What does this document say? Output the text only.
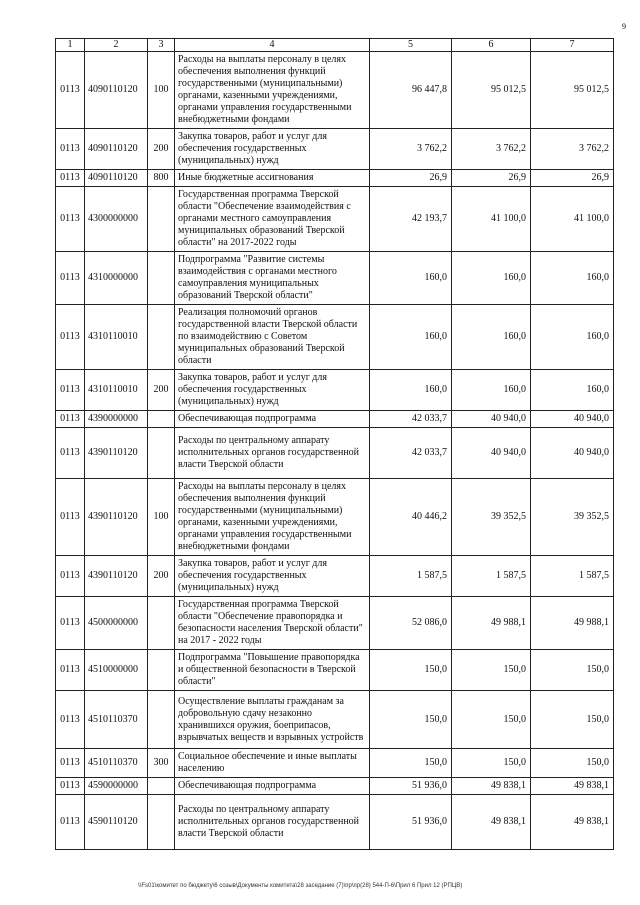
9
1	2	3	4	5	6	7
0113	4090110120	100	Расходы на выплаты персоналу в целях обеспечения выполнения функций государственными (муниципальными) органами, казенными учреждениями, органами управления государственными внебюджетными фондами	96 447,8	95 012,5	95 012,5
0113	4090110120	200	Закупка товаров, работ и услуг для обеспечения государственных (муниципальных) нужд	3 762,2	3 762,2	3 762,2
0113	4090110120	800	Иные бюджетные ассигнования	26,9	26,9	26,9
0113	4300000000		Государственная программа Тверской области "Обеспечение взаимодействия с органами местного самоуправления муниципальных образований Тверской области" на 2017-2022 годы	42 193,7	41 100,0	41 100,0
0113	4310000000		Подпрограмма "Развитие системы взаимодействия с органами местного самоуправления муниципальных образований Тверской области"	160,0	160,0	160,0
0113	4310110010		Реализация полномочий органов государственной власти Тверской области по взаимодействию с Советом муниципальных образований Тверской области	160,0	160,0	160,0
0113	4310110010	200	Закупка товаров, работ и услуг для обеспечения государственных (муниципальных) нужд	160,0	160,0	160,0
0113	4390000000		Обеспечивающая подпрограмма	42 033,7	40 940,0	40 940,0
0113	4390110120		Расходы по центральному аппарату исполнительных органов государственной власти Тверской области	42 033,7	40 940,0	40 940,0
0113	4390110120	100	Расходы на выплаты персоналу в целях обеспечения выполнения функций государственными (муниципальными) органами, казенными учреждениями, органами управления государственными внебюджетными фондами	40 446,2	39 352,5	39 352,5
0113	4390110120	200	Закупка товаров, работ и услуг для обеспечения государственных (муниципальных) нужд	1 587,5	1 587,5	1 587,5
0113	4500000000		Государственная программа Тверской области "Обеспечение правопорядка и безопасности населения Тверской области" на 2017 - 2022 годы	52 086,0	49 988,1	49 988,1
0113	4510000000		Подпрограмма "Повышение правопорядка и общественной безопасности в Тверской области"	150,0	150,0	150,0
0113	4510110370		Осуществление выплаты гражданам за добровольную сдачу незаконно хранившихся оружия, боеприпасов, взрывчатых веществ и взрывных устройств	150,0	150,0	150,0
0113	4510110370	300	Социальное обеспечение и иные выплаты населению	150,0	150,0	150,0
0113	4590000000		Обеспечивающая подпрограмма	51 936,0	49 838,1	49 838,1
0113	4590110120		Расходы по центральному аппарату исполнительных органов государственной власти Тверской области	51 936,0	49 838,1	49 838,1
\\Fs01\комитет по бюджету\6 созыв\Документы комитета\28 заседание (7)\пр\пр(28) 544-П-6\Прил 6 Прил 12 (РПЦВ)
